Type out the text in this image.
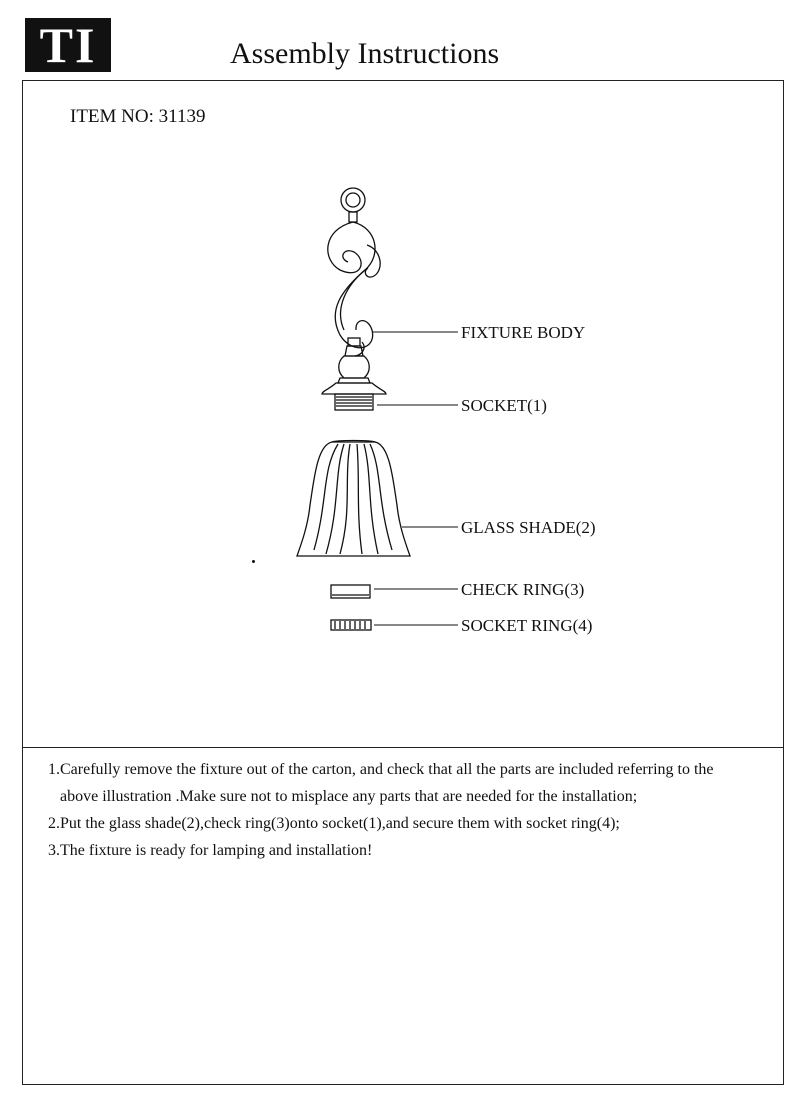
TI	Assembly Instructions
ITEM NO: 31139
FIXTURE BODY
SOCKET(1)
GLASS SHADE(2)
CHECK RING(3)
SOCKET RING(4)

1.Carefully remove the fixture out of the carton, and check that all the parts are included referring to the
above illustration .Make sure not to misplace any parts that are needed for the installation;

2.Put the glass shade(2),check ring(3)onto socket(1),and secure them with socket ring(4);

3.The fixture is ready for lamping and installation!
